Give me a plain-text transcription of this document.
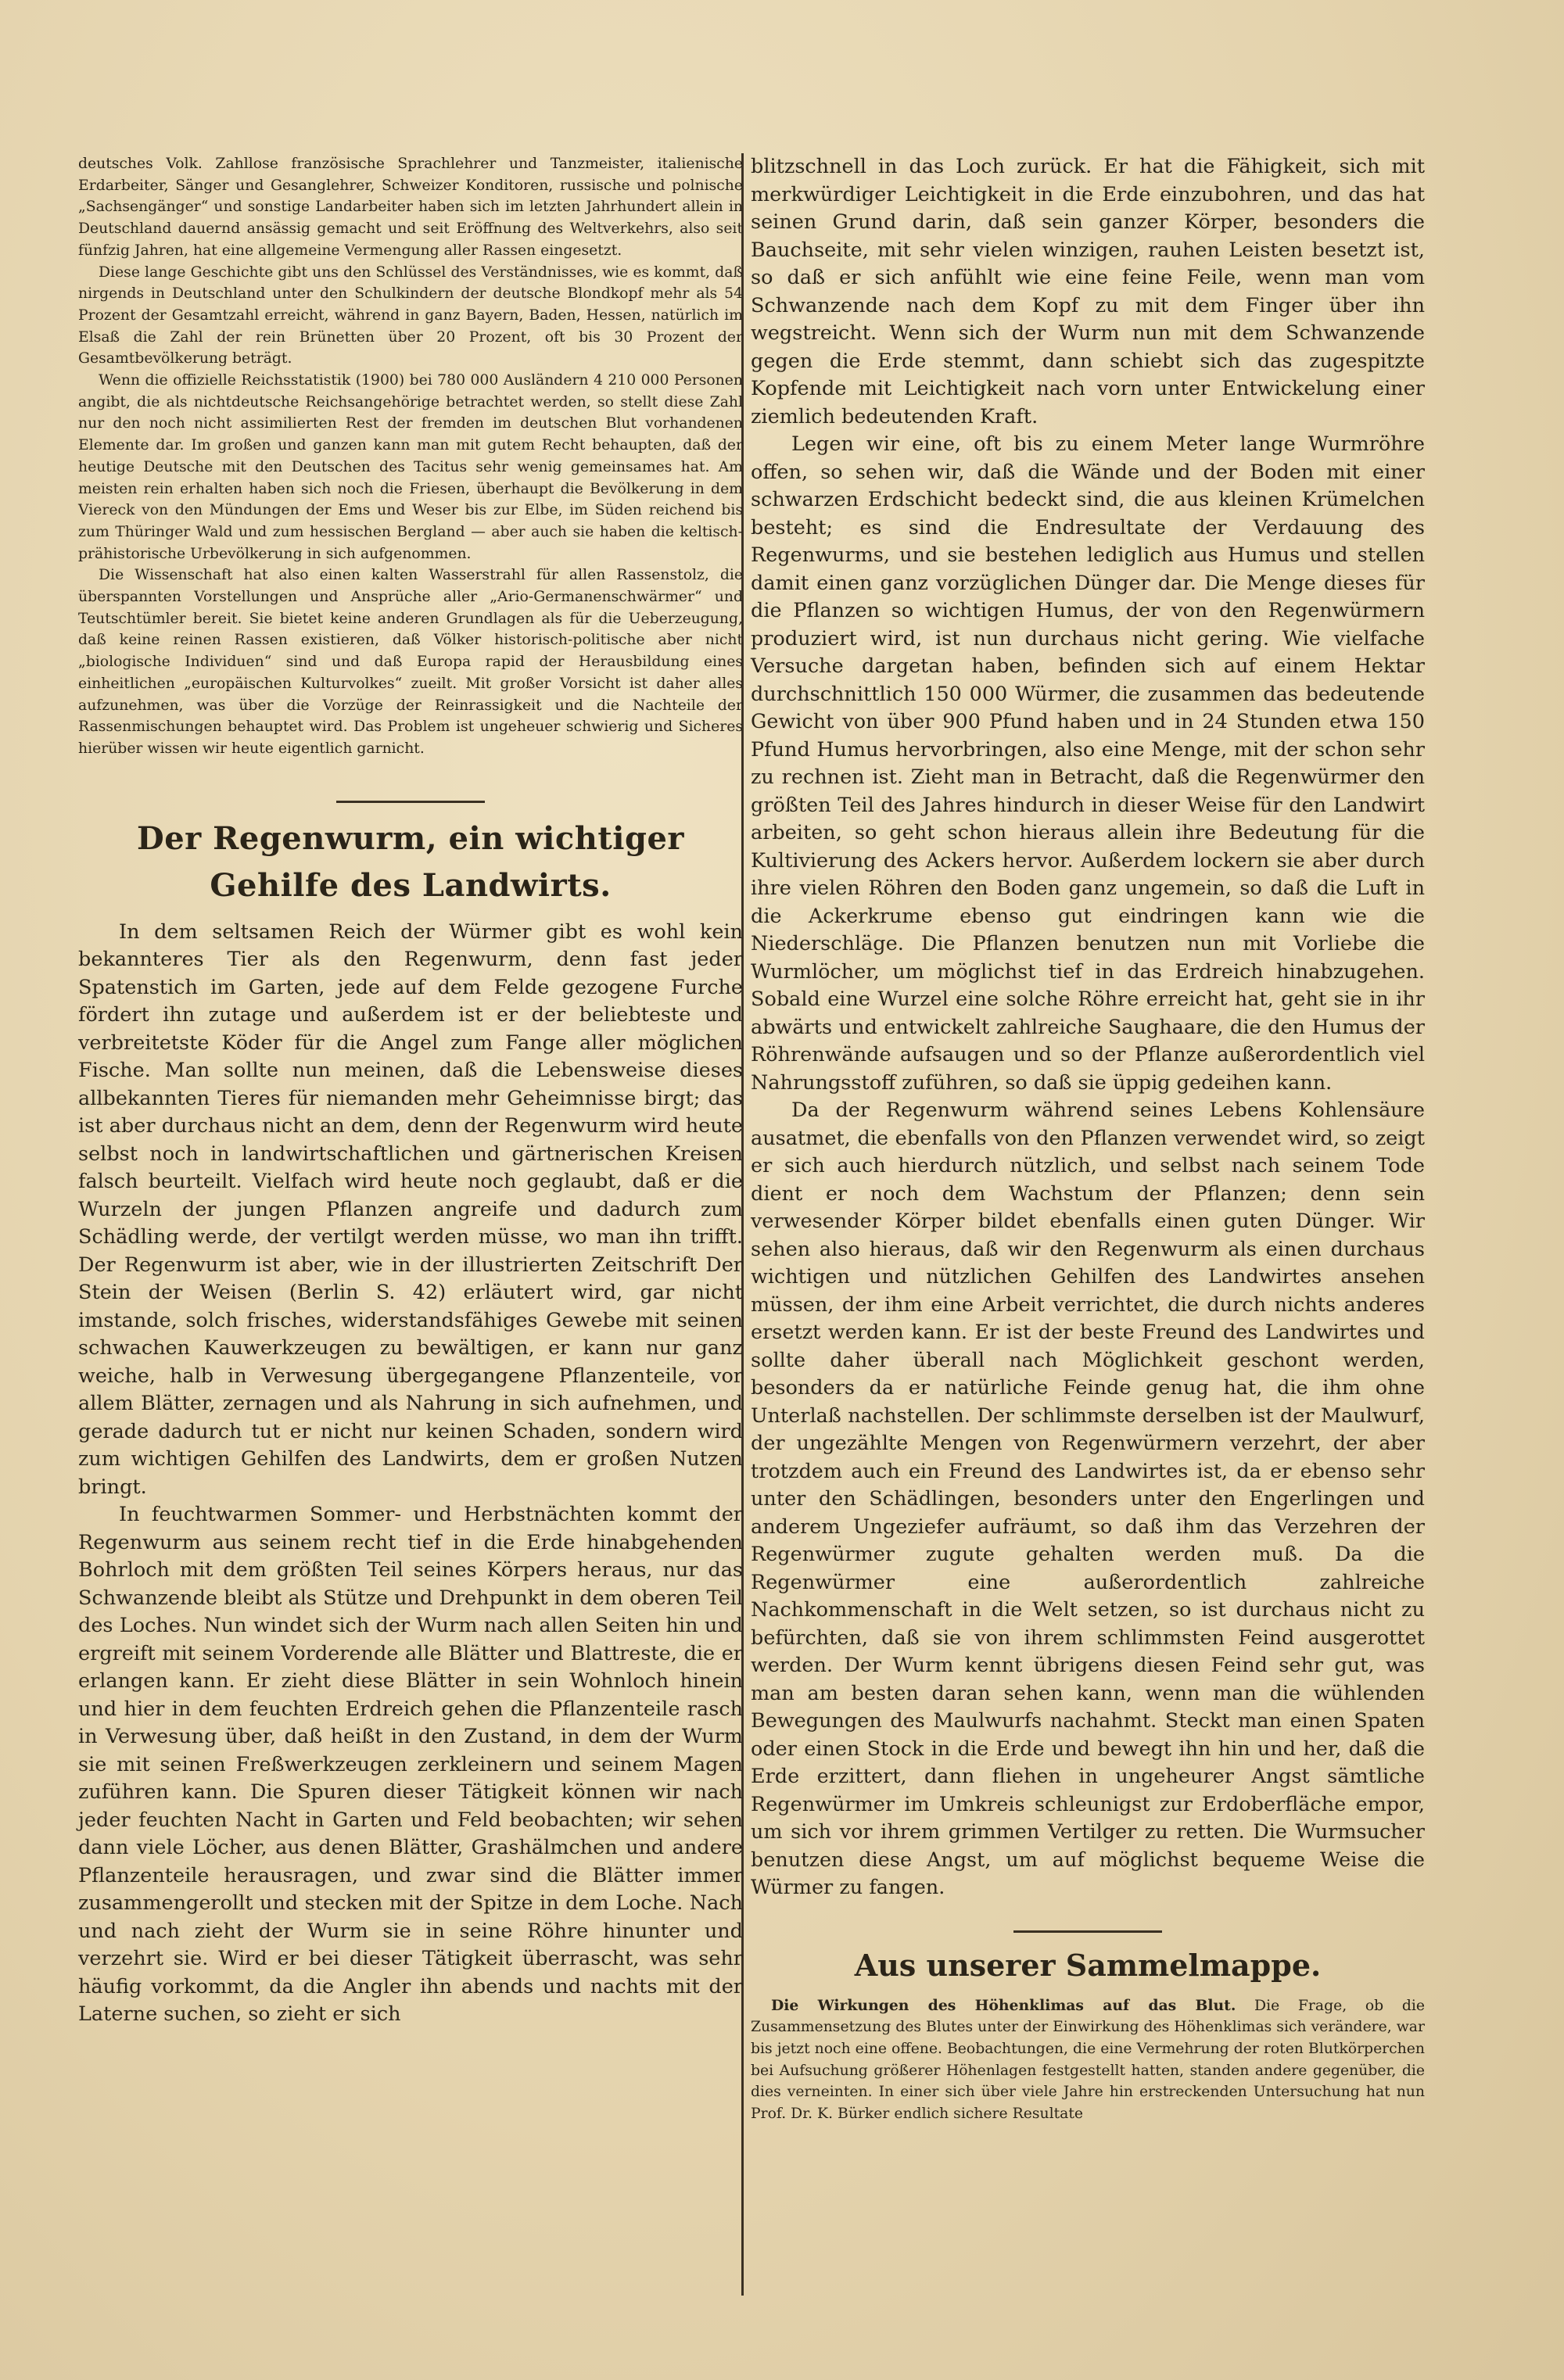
deutsches Volk. Zahllose französische Sprachlehrer und Tanzmeister, italienische Erdarbeiter, Sänger und Gesanglehrer, Schweizer Konditoren, russische und polnische „Sachsengänger“ und sonstige Landarbeiter haben sich im letzten Jahrhundert allein in Deutschland dauernd ansässig gemacht und seit Eröffnung des Weltverkehrs, also seit fünfzig Jahren, hat eine allgemeine Vermengung aller Rassen eingesetzt.

Diese lange Geschichte gibt uns den Schlüssel des Verständnisses, wie es kommt, daß nirgends in Deutschland unter den Schulkindern der deutsche Blondkopf mehr als 54 Prozent der Gesamtzahl erreicht, während in ganz Bayern, Baden, Hessen, natürlich im Elsaß die Zahl der rein Brünetten über 20 Prozent, oft bis 30 Prozent der Gesamtbevölkerung beträgt.

Wenn die offizielle Reichsstatistik (1900) bei 780 000 Ausländern 4 210 000 Personen angibt, die als nichtdeutsche Reichsangehörige betrachtet werden, so stellt diese Zahl nur den noch nicht assimilierten Rest der fremden im deutschen Blut vorhandenen Elemente dar. Im großen und ganzen kann man mit gutem Recht behaupten, daß der heutige Deutsche mit den Deutschen des Tacitus sehr wenig gemeinsames hat. Am meisten rein erhalten haben sich noch die Friesen, überhaupt die Bevölkerung in dem Viereck von den Mündungen der Ems und Weser bis zur Elbe, im Süden reichend bis zum Thüringer Wald und zum hessischen Bergland — aber auch sie haben die keltisch-prähistorische Urbevölkerung in sich aufgenommen.

Die Wissenschaft hat also einen kalten Wasserstrahl für allen Rassenstolz, die überspannten Vorstellungen und Ansprüche aller „Ario-Germanenschwärmer“ und Teutschtümler bereit. Sie bietet keine anderen Grundlagen als für die Ueberzeugung, daß keine reinen Rassen existieren, daß Völker historisch-politische aber nicht „biologische Individuen“ sind und daß Europa rapid der Herausbildung eines einheitlichen „europäischen Kulturvolkes“ zueilt. Mit großer Vorsicht ist daher alles aufzunehmen, was über die Vorzüge der Reinrassigkeit und die Nachteile der Rassenmischungen behauptet wird. Das Problem ist ungeheuer schwierig und Sicheres hierüber wissen wir heute eigentlich garnicht.

Der Regenwurm, ein wichtiger Gehilfe des Landwirts.

In dem seltsamen Reich der Würmer gibt es wohl kein bekannteres Tier als den Regenwurm, denn fast jeder Spatenstich im Garten, jede auf dem Felde gezogene Furche fördert ihn zutage und außerdem ist er der beliebteste und verbreitetste Köder für die Angel zum Fange aller möglichen Fische. Man sollte nun meinen, daß die Lebensweise dieses allbekannten Tieres für niemanden mehr Geheimnisse birgt; das ist aber durchaus nicht an dem, denn der Regenwurm wird heute selbst noch in landwirtschaftlichen und gärtnerischen Kreisen falsch beurteilt. Vielfach wird heute noch geglaubt, daß er die Wurzeln der jungen Pflanzen angreife und dadurch zum Schädling werde, der vertilgt werden müsse, wo man ihn trifft. Der Regenwurm ist aber, wie in der illustrierten Zeitschrift Der Stein der Weisen (Berlin S. 42) erläutert wird, gar nicht imstande, solch frisches, widerstandsfähiges Gewebe mit seinen schwachen Kauwerkzeugen zu bewältigen, er kann nur ganz weiche, halb in Verwesung übergegangene Pflanzenteile, vor allem Blätter, zernagen und als Nahrung in sich aufnehmen, und gerade dadurch tut er nicht nur keinen Schaden, sondern wird zum wichtigen Gehilfen des Landwirts, dem er großen Nutzen bringt.

In feuchtwarmen Sommer- und Herbstnächten kommt der Regenwurm aus seinem recht tief in die Erde hinabgehenden Bohrloch mit dem größten Teil seines Körpers heraus, nur das Schwanzende bleibt als Stütze und Drehpunkt in dem oberen Teil des Loches. Nun windet sich der Wurm nach allen Seiten hin und ergreift mit seinem Vorderende alle Blätter und Blattreste, die er erlangen kann. Er zieht diese Blätter in sein Wohnloch hinein und hier in dem feuchten Erdreich gehen die Pflanzenteile rasch in Verwesung über, daß heißt in den Zustand, in dem der Wurm sie mit seinen Freßwerkzeugen zerkleinern und seinem Magen zuführen kann. Die Spuren dieser Tätigkeit können wir nach jeder feuchten Nacht in Garten und Feld beobachten; wir sehen dann viele Löcher, aus denen Blätter, Grashälmchen und andere Pflanzenteile herausragen, und zwar sind die Blätter immer zusammengerollt und stecken mit der Spitze in dem Loche. Nach und nach zieht der Wurm sie in seine Röhre hinunter und verzehrt sie. Wird er bei dieser Tätigkeit überrascht, was sehr häufig vorkommt, da die Angler ihn abends und nachts mit der Laterne suchen, so zieht er sich

blitzschnell in das Loch zurück. Er hat die Fähigkeit, sich mit merkwürdiger Leichtigkeit in die Erde einzubohren, und das hat seinen Grund darin, daß sein ganzer Körper, besonders die Bauchseite, mit sehr vielen winzigen, rauhen Leisten besetzt ist, so daß er sich anfühlt wie eine feine Feile, wenn man vom Schwanzende nach dem Kopf zu mit dem Finger über ihn wegstreicht. Wenn sich der Wurm nun mit dem Schwanzende gegen die Erde stemmt, dann schiebt sich das zugespitzte Kopfende mit Leichtigkeit nach vorn unter Entwickelung einer ziemlich bedeutenden Kraft.

Legen wir eine, oft bis zu einem Meter lange Wurmröhre offen, so sehen wir, daß die Wände und der Boden mit einer schwarzen Erdschicht bedeckt sind, die aus kleinen Krümelchen besteht; es sind die Endresultate der Verdauung des Regenwurms, und sie bestehen lediglich aus Humus und stellen damit einen ganz vorzüglichen Dünger dar. Die Menge dieses für die Pflanzen so wichtigen Humus, der von den Regenwürmern produziert wird, ist nun durchaus nicht gering. Wie vielfache Versuche dargetan haben, befinden sich auf einem Hektar durchschnittlich 150 000 Würmer, die zusammen das bedeutende Gewicht von über 900 Pfund haben und in 24 Stunden etwa 150 Pfund Humus hervorbringen, also eine Menge, mit der schon sehr zu rechnen ist. Zieht man in Betracht, daß die Regenwürmer den größten Teil des Jahres hindurch in dieser Weise für den Landwirt arbeiten, so geht schon hieraus allein ihre Bedeutung für die Kultivierung des Ackers hervor. Außerdem lockern sie aber durch ihre vielen Röhren den Boden ganz ungemein, so daß die Luft in die Ackerkrume ebenso gut eindringen kann wie die Niederschläge. Die Pflanzen benutzen nun mit Vorliebe die Wurmlöcher, um möglichst tief in das Erdreich hinabzugehen. Sobald eine Wurzel eine solche Röhre erreicht hat, geht sie in ihr abwärts und entwickelt zahlreiche Saughaare, die den Humus der Röhrenwände aufsaugen und so der Pflanze außerordentlich viel Nahrungsstoff zuführen, so daß sie üppig gedeihen kann.

Da der Regenwurm während seines Lebens Kohlensäure ausatmet, die ebenfalls von den Pflanzen verwendet wird, so zeigt er sich auch hierdurch nützlich, und selbst nach seinem Tode dient er noch dem Wachstum der Pflanzen; denn sein verwesender Körper bildet ebenfalls einen guten Dünger. Wir sehen also hieraus, daß wir den Regenwurm als einen durchaus wichtigen und nützlichen Gehilfen des Landwirtes ansehen müssen, der ihm eine Arbeit verrichtet, die durch nichts anderes ersetzt werden kann. Er ist der beste Freund des Landwirtes und sollte daher überall nach Möglichkeit geschont werden, besonders da er natürliche Feinde genug hat, die ihm ohne Unterlaß nachstellen. Der schlimmste derselben ist der Maulwurf, der ungezählte Mengen von Regenwürmern verzehrt, der aber trotzdem auch ein Freund des Landwirtes ist, da er ebenso sehr unter den Schädlingen, besonders unter den Engerlingen und anderem Ungeziefer aufräumt, so daß ihm das Verzehren der Regenwürmer zugute gehalten werden muß. Da die Regenwürmer eine außerordentlich zahlreiche Nachkommenschaft in die Welt setzen, so ist durchaus nicht zu befürchten, daß sie von ihrem schlimmsten Feind ausgerottet werden. Der Wurm kennt übrigens diesen Feind sehr gut, was man am besten daran sehen kann, wenn man die wühlenden Bewegungen des Maulwurfs nachahmt. Steckt man einen Spaten oder einen Stock in die Erde und bewegt ihn hin und her, daß die Erde erzittert, dann fliehen in ungeheurer Angst sämtliche Regenwürmer im Umkreis schleunigst zur Erdoberfläche empor, um sich vor ihrem grimmen Vertilger zu retten. Die Wurmsucher benutzen diese Angst, um auf möglichst bequeme Weise die Würmer zu fangen.

Aus unserer Sammelmappe.

Die Wirkungen des Höhenklimas auf das Blut. Die Frage, ob die Zusammensetzung des Blutes unter der Einwirkung des Höhenklimas sich verändere, war bis jetzt noch eine offene. Beobachtungen, die eine Vermehrung der roten Blutkörperchen bei Aufsuchung größerer Höhenlagen festgestellt hatten, standen andere gegenüber, die dies verneinten. In einer sich über viele Jahre hin erstreckenden Untersuchung hat nun Prof. Dr. K. Bürker endlich sichere Resultate
